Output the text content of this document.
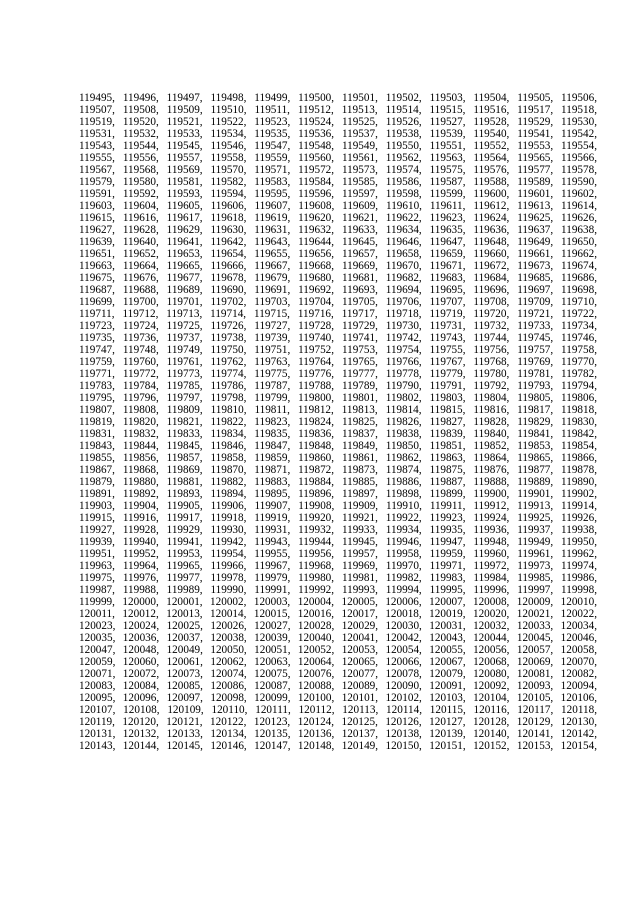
119495, 119496, 119497, 119498, 119499, 119500, 119501, 119502, 119503, 119504, 119505, 119506,
119507, 119508, 119509, 119510, 119511, 119512, 119513, 119514, 119515, 119516, 119517, 119518,
119519, 119520, 119521, 119522, 119523, 119524, 119525, 119526, 119527, 119528, 119529, 119530,
119531, 119532, 119533, 119534, 119535, 119536, 119537, 119538, 119539, 119540, 119541, 119542,
119543, 119544, 119545, 119546, 119547, 119548, 119549, 119550, 119551, 119552, 119553, 119554,
119555, 119556, 119557, 119558, 119559, 119560, 119561, 119562, 119563, 119564, 119565, 119566,
119567, 119568, 119569, 119570, 119571, 119572, 119573, 119574, 119575, 119576, 119577, 119578,
119579, 119580, 119581, 119582, 119583, 119584, 119585, 119586, 119587, 119588, 119589, 119590,
119591, 119592, 119593, 119594, 119595, 119596, 119597, 119598, 119599, 119600, 119601, 119602,
119603, 119604, 119605, 119606, 119607, 119608, 119609, 119610, 119611, 119612, 119613, 119614,
119615, 119616, 119617, 119618, 119619, 119620, 119621, 119622, 119623, 119624, 119625, 119626,
119627, 119628, 119629, 119630, 119631, 119632, 119633, 119634, 119635, 119636, 119637, 119638,
119639, 119640, 119641, 119642, 119643, 119644, 119645, 119646, 119647, 119648, 119649, 119650,
119651, 119652, 119653, 119654, 119655, 119656, 119657, 119658, 119659, 119660, 119661, 119662,
119663, 119664, 119665, 119666, 119667, 119668, 119669, 119670, 119671, 119672, 119673, 119674,
119675, 119676, 119677, 119678, 119679, 119680, 119681, 119682, 119683, 119684, 119685, 119686,
119687, 119688, 119689, 119690, 119691, 119692, 119693, 119694, 119695, 119696, 119697, 119698,
119699, 119700, 119701, 119702, 119703, 119704, 119705, 119706, 119707, 119708, 119709, 119710,
119711, 119712, 119713, 119714, 119715, 119716, 119717, 119718, 119719, 119720, 119721, 119722,
119723, 119724, 119725, 119726, 119727, 119728, 119729, 119730, 119731, 119732, 119733, 119734,
119735, 119736, 119737, 119738, 119739, 119740, 119741, 119742, 119743, 119744, 119745, 119746,
119747, 119748, 119749, 119750, 119751, 119752, 119753, 119754, 119755, 119756, 119757, 119758,
119759, 119760, 119761, 119762, 119763, 119764, 119765, 119766, 119767, 119768, 119769, 119770,
119771, 119772, 119773, 119774, 119775, 119776, 119777, 119778, 119779, 119780, 119781, 119782,
119783, 119784, 119785, 119786, 119787, 119788, 119789, 119790, 119791, 119792, 119793, 119794,
119795, 119796, 119797, 119798, 119799, 119800, 119801, 119802, 119803, 119804, 119805, 119806,
119807, 119808, 119809, 119810, 119811, 119812, 119813, 119814, 119815, 119816, 119817, 119818,
119819, 119820, 119821, 119822, 119823, 119824, 119825, 119826, 119827, 119828, 119829, 119830,
119831, 119832, 119833, 119834, 119835, 119836, 119837, 119838, 119839, 119840, 119841, 119842,
119843, 119844, 119845, 119846, 119847, 119848, 119849, 119850, 119851, 119852, 119853, 119854,
119855, 119856, 119857, 119858, 119859, 119860, 119861, 119862, 119863, 119864, 119865, 119866,
119867, 119868, 119869, 119870, 119871, 119872, 119873, 119874, 119875, 119876, 119877, 119878,
119879, 119880, 119881, 119882, 119883, 119884, 119885, 119886, 119887, 119888, 119889, 119890,
119891, 119892, 119893, 119894, 119895, 119896, 119897, 119898, 119899, 119900, 119901, 119902,
119903, 119904, 119905, 119906, 119907, 119908, 119909, 119910, 119911, 119912, 119913, 119914,
119915, 119916, 119917, 119918, 119919, 119920, 119921, 119922, 119923, 119924, 119925, 119926,
119927, 119928, 119929, 119930, 119931, 119932, 119933, 119934, 119935, 119936, 119937, 119938,
119939, 119940, 119941, 119942, 119943, 119944, 119945, 119946, 119947, 119948, 119949, 119950,
119951, 119952, 119953, 119954, 119955, 119956, 119957, 119958, 119959, 119960, 119961, 119962,
119963, 119964, 119965, 119966, 119967, 119968, 119969, 119970, 119971, 119972, 119973, 119974,
119975, 119976, 119977, 119978, 119979, 119980, 119981, 119982, 119983, 119984, 119985, 119986,
119987, 119988, 119989, 119990, 119991, 119992, 119993, 119994, 119995, 119996, 119997, 119998,
119999, 120000, 120001, 120002, 120003, 120004, 120005, 120006, 120007, 120008, 120009, 120010,
120011, 120012, 120013, 120014, 120015, 120016, 120017, 120018, 120019, 120020, 120021, 120022,
120023, 120024, 120025, 120026, 120027, 120028, 120029, 120030, 120031, 120032, 120033, 120034,
120035, 120036, 120037, 120038, 120039, 120040, 120041, 120042, 120043, 120044, 120045, 120046,
120047, 120048, 120049, 120050, 120051, 120052, 120053, 120054, 120055, 120056, 120057, 120058,
120059, 120060, 120061, 120062, 120063, 120064, 120065, 120066, 120067, 120068, 120069, 120070,
120071, 120072, 120073, 120074, 120075, 120076, 120077, 120078, 120079, 120080, 120081, 120082,
120083, 120084, 120085, 120086, 120087, 120088, 120089, 120090, 120091, 120092, 120093, 120094,
120095, 120096, 120097, 120098, 120099, 120100, 120101, 120102, 120103, 120104, 120105, 120106,
120107, 120108, 120109, 120110, 120111, 120112, 120113, 120114, 120115, 120116, 120117, 120118,
120119, 120120, 120121, 120122, 120123, 120124, 120125, 120126, 120127, 120128, 120129, 120130,
120131, 120132, 120133, 120134, 120135, 120136, 120137, 120138, 120139, 120140, 120141, 120142,
120143, 120144, 120145, 120146, 120147, 120148, 120149, 120150, 120151, 120152, 120153, 120154,
